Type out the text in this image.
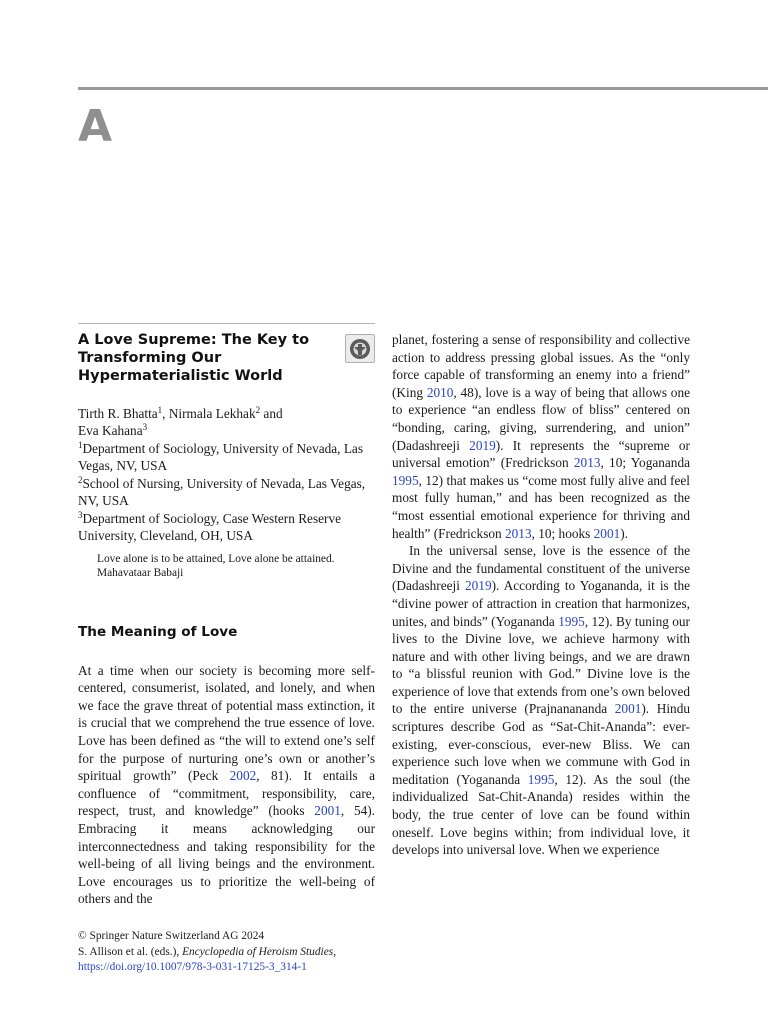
A
A Love Supreme: The Key to Transforming Our Hypermaterialistic World
Tirth R. Bhatta$^1$, Nirmala Lekhak$^2$ and
Eva Kahana$^3$
$^1$Department of Sociology, University of Nevada, Las Vegas, NV, USA
$^2$School of Nursing, University of Nevada, Las Vegas, NV, USA
$^3$Department of Sociology, Case Western Reserve University, Cleveland, OH, USA
Love alone is to be attained, Love alone be attained.
Mahavataar Babaji
The Meaning of Love
At a time when our society is becoming more self-centered, consumerist, isolated, and lonely, and when we face the grave threat of potential mass extinction, it is crucial that we comprehend the true essence of love. Love has been defined as “the will to extend one’s self for the purpose of nurturing one’s own or another’s spiritual growth” (Peck 2002, 81). It entails a confluence of “commitment, responsibility, care, respect, trust, and knowledge” (hooks 2001, 54). Embracing it means acknowledging our interconnectedness and taking responsibility for the well-being of all living beings and the environment. Love encourages us to prioritize the well-being of others and the
planet, fostering a sense of responsibility and collective action to address pressing global issues. As the “only force capable of transforming an enemy into a friend” (King 2010, 48), love is a way of being that allows one to experience “an endless flow of bliss” centered on “bonding, caring, giving, surrendering, and union” (Dadashreeji 2019). It represents the “supreme or universal emotion” (Fredrickson 2013, 10; Yogananda 1995, 12) that makes us “come most fully alive and feel most fully human,” and has been recognized as the “most essential emotional experience for thriving and health” (Fredrickson 2013, 10; hooks 2001).
In the universal sense, love is the essence of the Divine and the fundamental constituent of the universe (Dadashreeji 2019). According to Yogananda, it is the “divine power of attraction in creation that harmonizes, unites, and binds” (Yogananda 1995, 12). By tuning our lives to the Divine love, we achieve harmony with nature and with other living beings, and we are drawn to “a blissful reunion with God.” Divine love is the experience of love that extends from one’s own beloved to the entire universe (Prajnanananda 2001). Hindu scriptures describe God as “Sat-Chit-Ananda”: ever-existing, ever-conscious, ever-new Bliss. We can experience such love when we commune with God in meditation (Yogananda 1995, 12). As the soul (the individualized Sat-Chit-Ananda) resides within the body, the true center of love can be found within oneself. Love begins within; from individual love, it develops into universal love. When we experience
© Springer Nature Switzerland AG 2024
S. Allison et al. (eds.), Encyclopedia of Heroism Studies,
https://doi.org/10.1007/978-3-031-17125-3_314-1
